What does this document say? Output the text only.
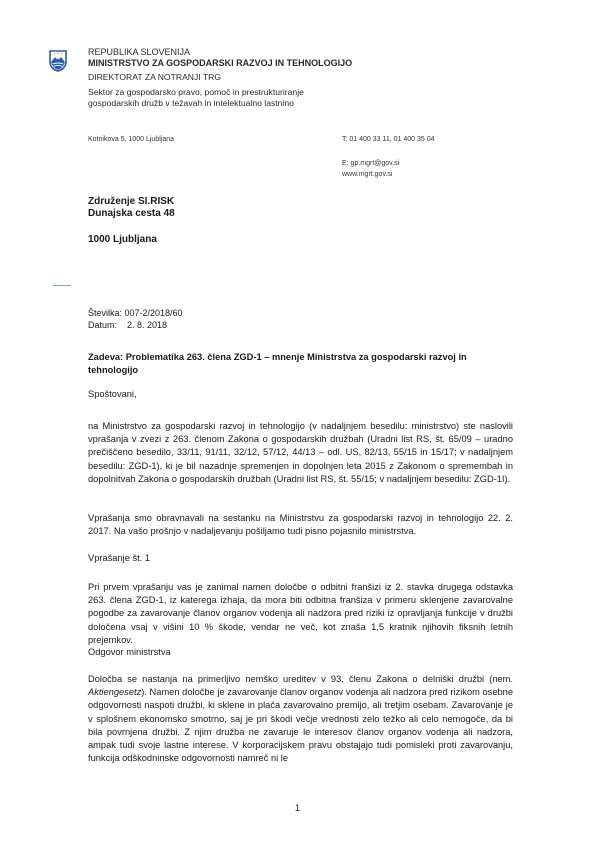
REPUBLIKA SLOVENIJA
MINISTRSTVO ZA GOSPODARSKI RAZVOJ IN TEHNOLOGIJO
DIREKTORAT ZA NOTRANJI TRG
Sektor za gospodarsko pravo, pomoč in prestrukturiranje
gospodarskih družb v težavah in intelektualno lastnino
Kotnikova 5, 1000 Ljubljana	T: 01 400 33 11, 01 400 35 04
E: gp.mgrt@gov.si
www.mgrt.gov.si
Združenje SI.RISK
Dunajska cesta 48
1000 Ljubljana
Številka: 007-2/2018/60
Datum:    2. 8. 2018
Zadeva: Problematika 263. člena ZGD-1 – mnenje Ministrstva za gospodarski razvoj in tehnologijo
Spoštovani,
na Ministrstvo za gospodarski razvoj in tehnologijo (v nadaljnjem besedilu: ministrstvo) ste naslovili vprašanja v zvezi z 263. členom Zakona o gospodarskih družbah (Uradni list RS, št. 65/09 – uradno prečiščeno besedilo, 33/11, 91/11, 32/12, 57/12, 44/13 – odl. US, 82/13, 55/15 in 15/17; v nadaljnjem besedilu: ZGD-1), ki je bil nazadnje spremenjen in dopolnjen leta 2015 z Zakonom o spremembah in dopolnitvah Zakona o gospodarskih družbah (Uradni list RS, št. 55/15; v nadaljnjem besedilu: ZGD-1I).
Vprašanja smo obravnavali na sestanku na Ministrstvu za gospodarski razvoj in tehnologijo 22. 2. 2017. Na vašo prošnjo v nadaljevanju pošiljamo tudi pisno pojasnilo ministrstva.
Vprašanje št. 1
Pri prvem vprašanju vas je zanimal namen določbe o odbitni franšizi iz 2. stavka drugega odstavka 263. člena ZGD-1, iz katerega izhaja, da mora biti odbitna franšiza v primeru sklenjene zavarovalne pogodbe za zavarovanje članov organov vodenja ali nadzora pred riziki iz opravljanja funkcije v družbi določena vsaj v višini 10 % škode, vendar ne več, kot znaša 1,5 kratnik njihovih fiksnih letnih prejemkov.
Odgovor ministrstva
Določba se nastanja na primerljivo nemško ureditev v 93. členu Zakona o delniški družbi (nem. Aktiengesetz). Namen določbe je zavarovanje članov organov vodenja ali nadzora pred rizikom osebne odgovornosti naspoti družbi, ki sklene in plača zavarovalno premijo, ali tretjim osebam. Zavarovanje je v splošnem ekonomsko smotrno, saj je pri škodi večje vrednosti zelo težko ali celo nemogoče, da bi bila povrnjena družbi. Z njim družba ne zavaruje le interesov članov organov vodenja ali nadzora, ampak tudi svoje lastne interese. V korporacijskem pravu obstajajo tudi pomisleki proti zavarovanju, funkcija odškodninske odgovornosti namreč ni le
1
